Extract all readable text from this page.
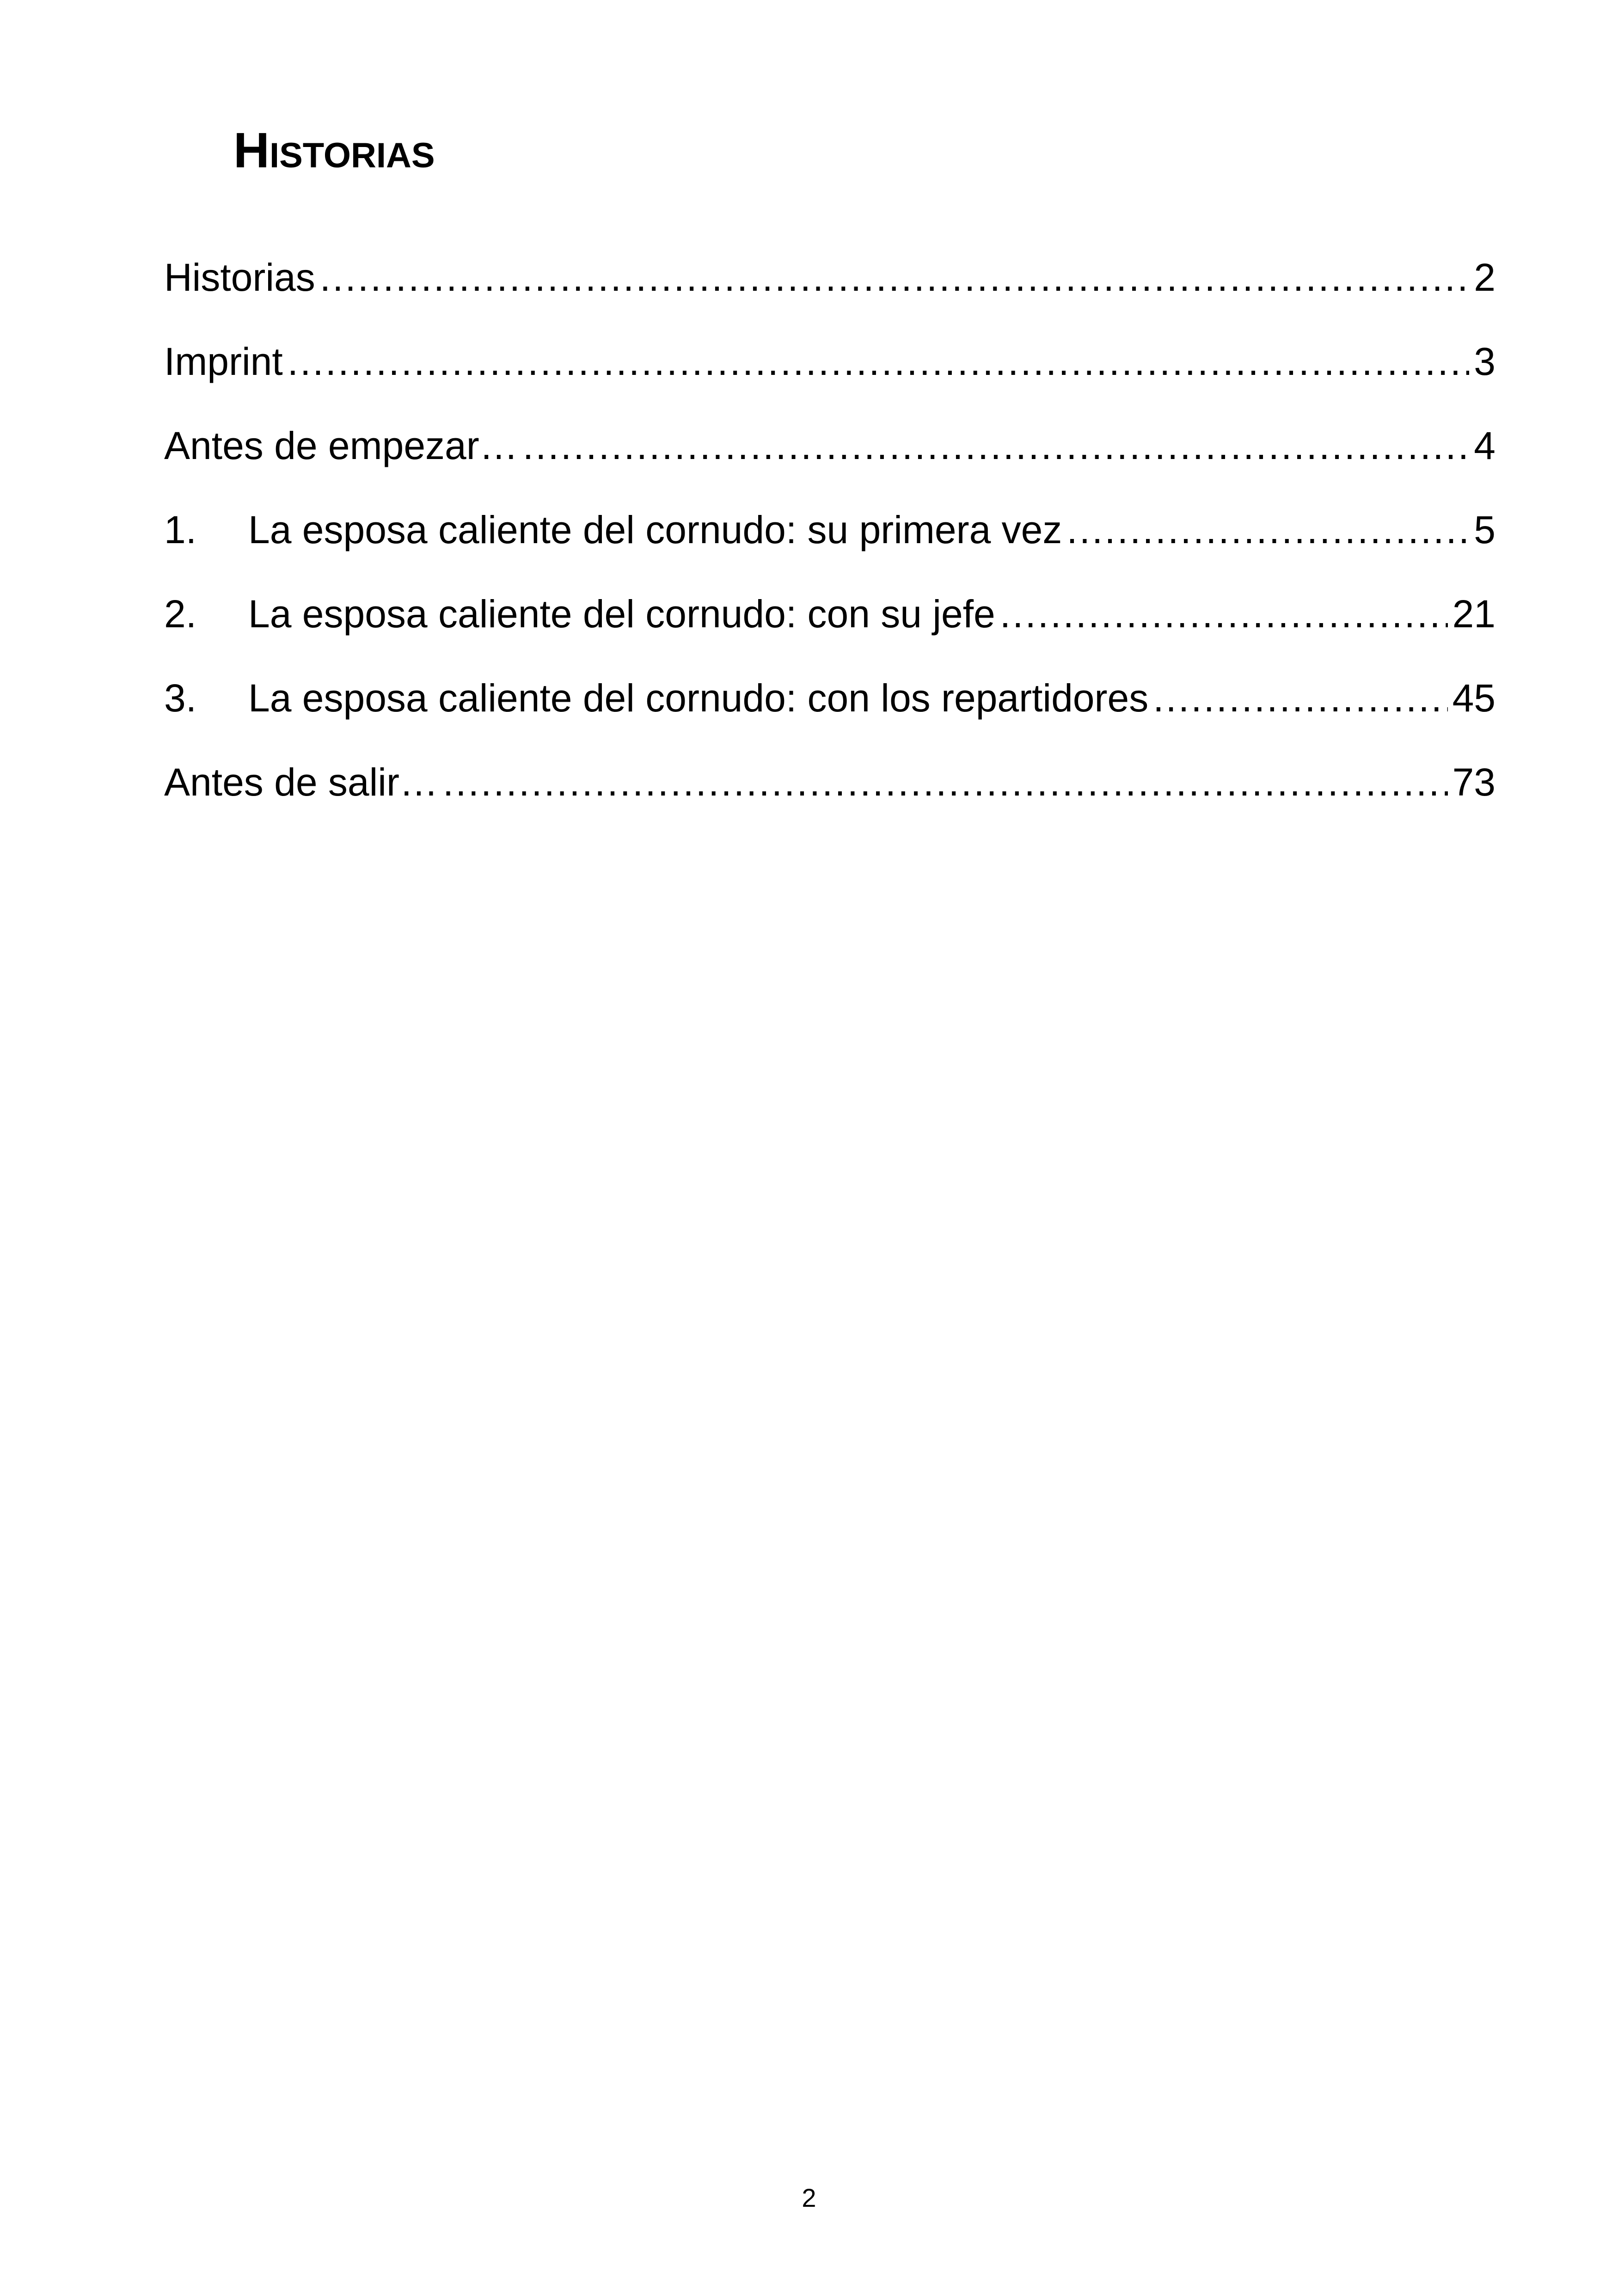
Historias
Historias .....	2
Imprint .....	3
Antes de empezar… .....	4
1.	La esposa caliente del cornudo: su primera vez .....	5
2.	La esposa caliente del cornudo: con su jefe .....	21
3.	La esposa caliente del cornudo: con los repartidores .....	45
Antes de salir… .....	73
2
